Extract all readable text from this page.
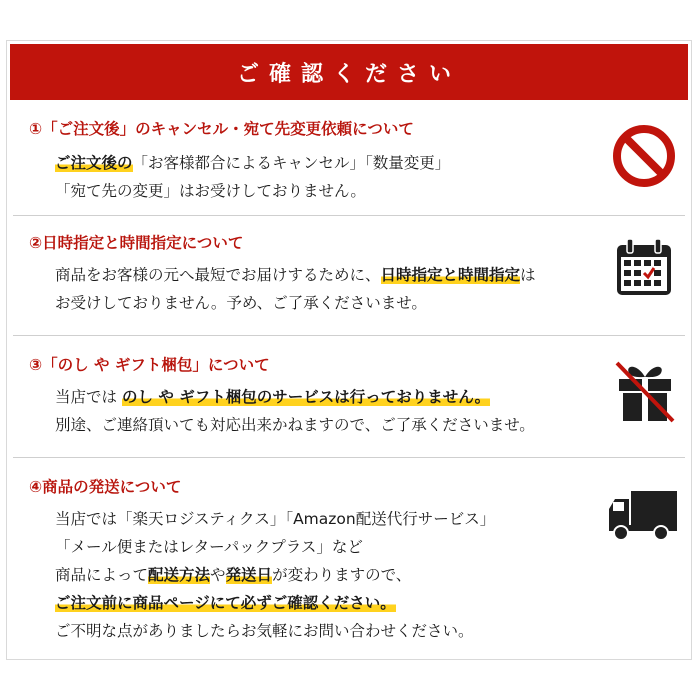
ご確認ください
①「ご注文後」のキャンセル・宛て先変更依頼について
ご注文後の「お客様都合によるキャンセル」「数量変更」
「宛て先の変更」はお受けしておりません。
②日時指定と時間指定について
商品をお客様の元へ最短でお届けするために、日時指定と時間指定は
お受けしておりません。予め、ご了承くださいませ。
③「のし や ギフト梱包」について
当店では のし や ギフト梱包のサービスは行っておりません。
別途、ご連絡頂いても対応出来かねますので、ご了承くださいませ。
④商品の発送について
当店では「楽天ロジスティクス」「Amazon配送代行サービス」
「メール便またはレターパックプラス」など
商品によって配送方法や発送日が変わりますので、
ご注文前に商品ページにて必ずご確認ください。
ご不明な点がありましたらお気軽にお問い合わせください。
